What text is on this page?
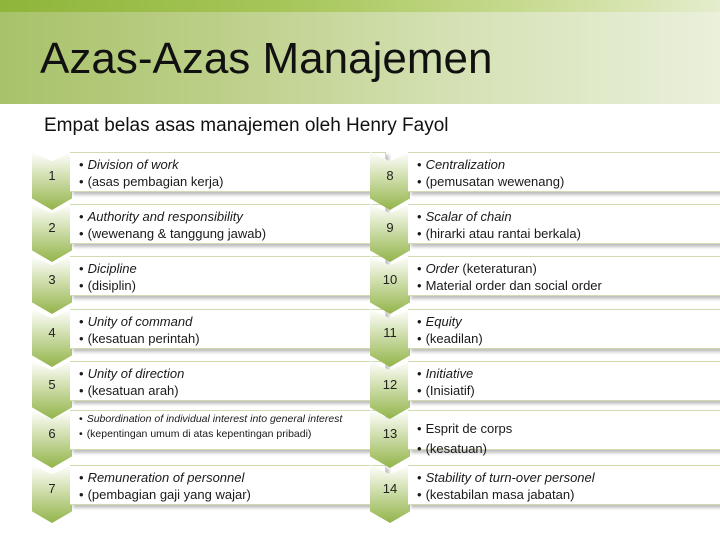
Azas-Azas Manajemen
Empat belas asas manajemen oleh Henry Fayol
1
• Division of work
• (asas pembagian kerja)
2
• Authority and responsibility
• (wewenang & tanggung jawab)
3
• Dicipline
• (disiplin)
4
• Unity of command
• (kesatuan perintah)
5
• Unity of direction
• (kesatuan arah)
6
• Subordination of individual interest into general interest
• (kepentingan umum di atas kepentingan pribadi)
7
• Remuneration of personnel
• (pembagian gaji yang wajar)
8
• Centralization
• (pemusatan wewenang)
9
• Scalar of chain
• (hirarki atau rantai berkala)
10
• Order (keteraturan)
• Material order dan social order
11
• Equity
• (keadilan)
12
• Initiative
• (Inisiatif)
13	• Esprit de corps
• (kesatuan)
14
• Stability of turn-over personel
• (kestabilan masa jabatan)
